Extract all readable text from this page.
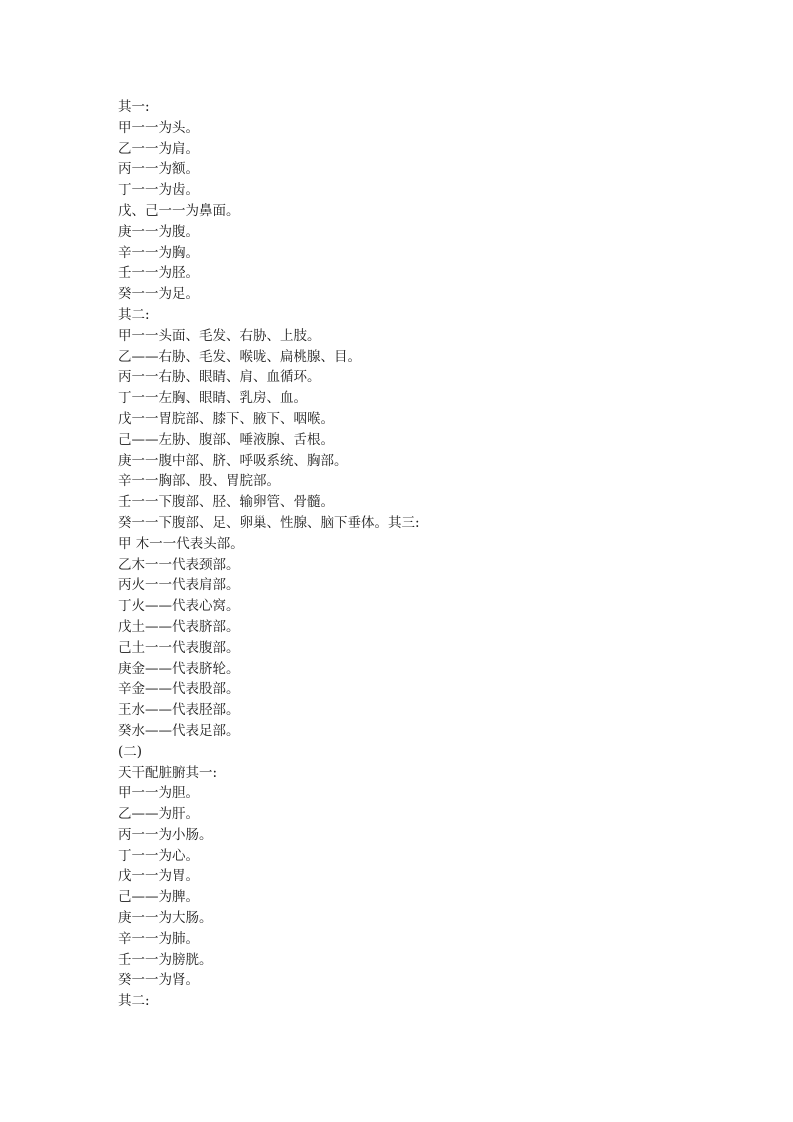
其一:
甲一一为头。
乙一一为肩。
丙一一为额。
丁一一为齿。
戊、己一一为鼻面。
庚一一为腹。
辛一一为胸。
壬一一为胫。
癸一一为足。
其二:
甲一一头面、毛发、右胁、上肢。
乙——右胁、毛发、喉咙、扁桃腺、目。
丙一一右胁、眼睛、肩、血循环。
丁一一左胸、眼睛、乳房、血。
戊一一胃脘部、膝下、腋下、咽喉。
己——左胁、腹部、唾液腺、舌根。
庚一一腹中部、脐、呼吸系统、胸部。
辛一一胸部、股、胃脘部。
壬一一下腹部、胫、输卵管、骨髓。
癸一一下腹部、足、卵巢、性腺、脑下垂体。其三:
甲 木一一代表头部。
乙木一一代表颈部。
丙火一一代表肩部。
丁火——代表心窝。
戊土——代表脐部。
己土一一代表腹部。
庚金——代表脐轮。
辛金——代表股部。
王水——代表胫部。
癸水——代表足部。
(二)
天干配脏腑其一:
甲一一为胆。
乙——为肝。
丙一一为小肠。
丁一一为心。
戊一一为胃。
己——为脾。
庚一一为大肠。
辛一一为肺。
壬一一为膀胱。
癸一一为肾。
其二:
